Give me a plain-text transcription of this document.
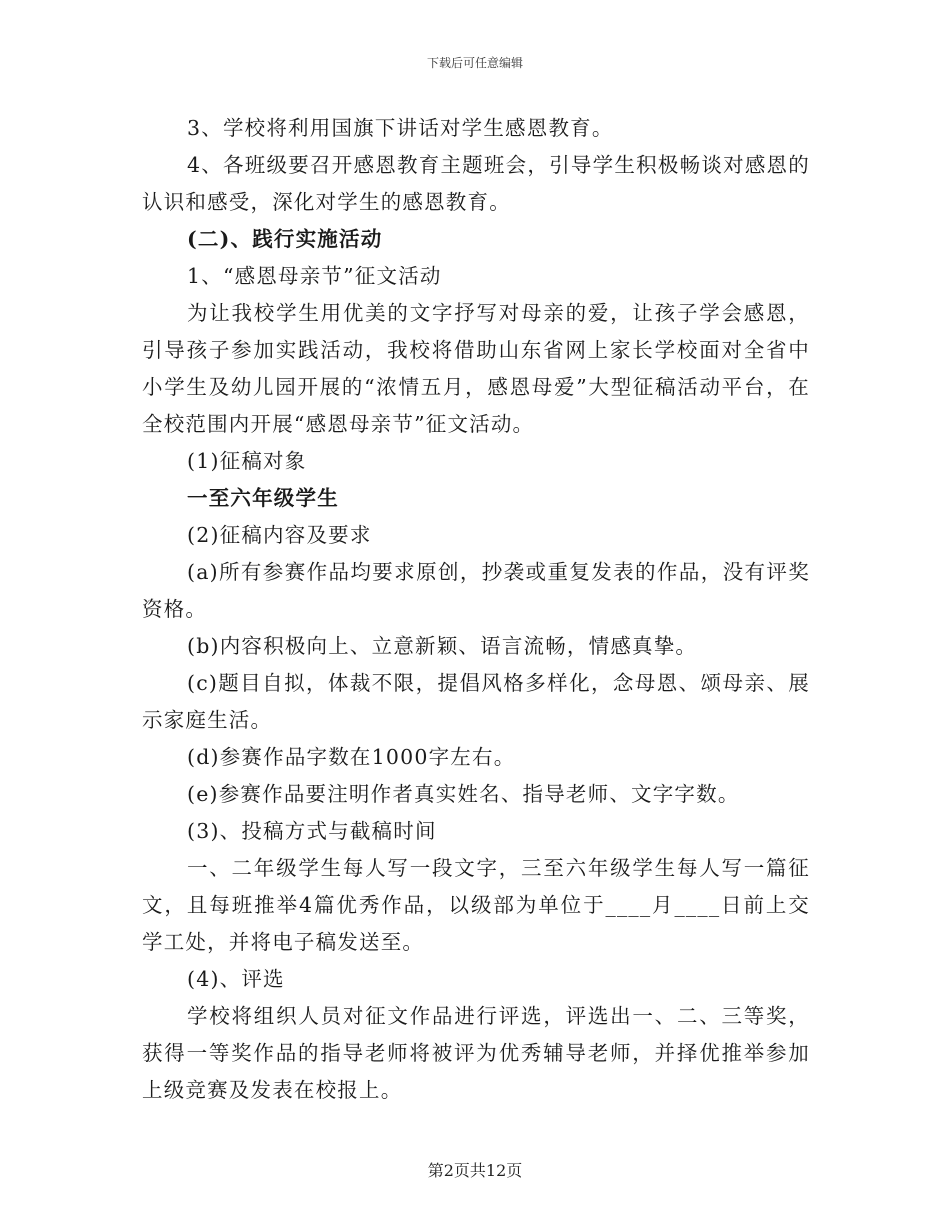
下载后可任意编辑

3、学校将利用国旗下讲话对学生感恩教育。

4、各班级要召开感恩教育主题班会，引导学生积极畅谈对感恩的认识和感受，深化对学生的感恩教育。

(二)、践行实施活动

1、“感恩母亲节”征文活动

为让我校学生用优美的文字抒写对母亲的爱，让孩子学会感恩，引导孩子参加实践活动，我校将借助山东省网上家长学校面对全省中小学生及幼儿园开展的“浓情五月，感恩母爱”大型征稿活动平台，在全校范围内开展“感恩母亲节”征文活动。

(1)征稿对象

一至六年级学生

(2)征稿内容及要求

(a)所有参赛作品均要求原创，抄袭或重复发表的作品，没有评奖资格。

(b)内容积极向上、立意新颖、语言流畅，情感真挚。

(c)题目自拟，体裁不限，提倡风格多样化，念母恩、颂母亲、展示家庭生活。

(d)参赛作品字数在1000字左右。

(e)参赛作品要注明作者真实姓名、指导老师、文字字数。

(3)、投稿方式与截稿时间

一、二年级学生每人写一段文字，三至六年级学生每人写一篇征文，且每班推举4篇优秀作品，以级部为单位于____月____日前上交学工处，并将电子稿发送至。

(4)、评选

学校将组织人员对征文作品进行评选，评选出一、二、三等奖，获得一等奖作品的指导老师将被评为优秀辅导老师，并择优推举参加上级竞赛及发表在校报上。

第2页共12页
